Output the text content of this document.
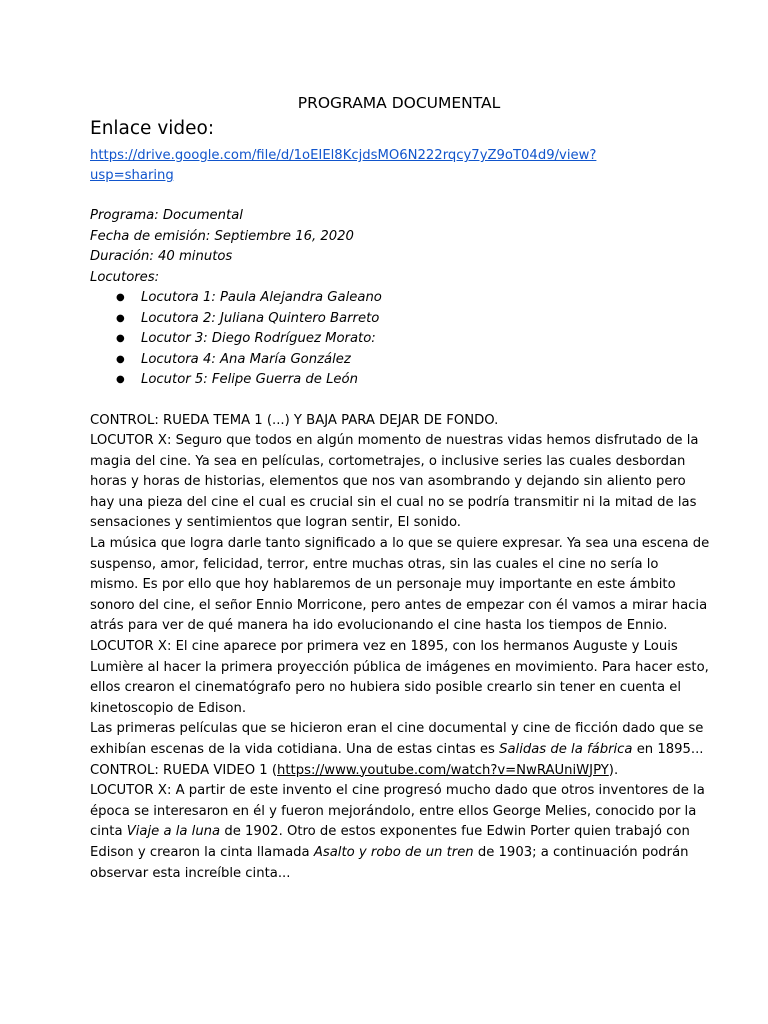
PROGRAMA DOCUMENTAL
Enlace video:
https://drive.google.com/file/d/1oEIEl8KcjdsMO6N222rqcy7yZ9oT04d9/view?
usp=sharing
Programa: Documental
Fecha de emisión: Septiembre 16, 2020
Duración: 40 minutos
Locutores:
● Locutora 1: Paula Alejandra Galeano
● Locutora 2: Juliana Quintero Barreto
● Locutor 3: Diego Rodríguez Morato:
● Locutora 4: Ana María González
● Locutor 5: Felipe Guerra de León

CONTROL: RUEDA TEMA 1 (...) Y BAJA PARA DEJAR DE FONDO.

LOCUTOR X: Seguro que todos en algún momento de nuestras vidas hemos disfrutado de la magia del cine. Ya sea en películas, cortometrajes, o inclusive series las cuales desbordan horas y horas de historias, elementos que nos van asombrando y dejando sin aliento pero hay una pieza del cine el cual es crucial sin el cual no se podría transmitir ni la mitad de las sensaciones y sentimientos que logran sentir, El sonido.

La música que logra darle tanto significado a lo que se quiere expresar. Ya sea una escena de suspenso, amor, felicidad, terror, entre muchas otras, sin las cuales el cine no sería lo mismo. Es por ello que hoy hablaremos de un personaje muy importante en este ámbito sonoro del cine, el señor Ennio Morricone, pero antes de empezar con él vamos a mirar hacia atrás para ver de qué manera ha ido evolucionando el cine hasta los tiempos de Ennio.

LOCUTOR X: El cine aparece por primera vez en 1895, con los hermanos Auguste y Louis Lumière al hacer la primera proyección pública de imágenes en movimiento. Para hacer esto, ellos crearon el cinematógrafo pero no hubiera sido posible crearlo sin tener en cuenta el kinetoscopio de Edison.

Las primeras películas que se hicieron eran el cine documental y cine de ficción dado que se exhibían escenas de la vida cotidiana. Una de estas cintas es Salidas de la fábrica en 1895...

CONTROL: RUEDA VIDEO 1 (https://www.youtube.com/watch?v=NwRAUniWJPY).

LOCUTOR X: A partir de este invento el cine progresó mucho dado que otros inventores de la época se interesaron en él y fueron mejorándolo, entre ellos George Melies, conocido por la cinta Viaje a la luna de 1902. Otro de estos exponentes fue Edwin Porter quien trabajó con Edison y crearon la cinta llamada Asalto y robo de un tren de 1903; a continuación podrán observar esta increíble cinta...
